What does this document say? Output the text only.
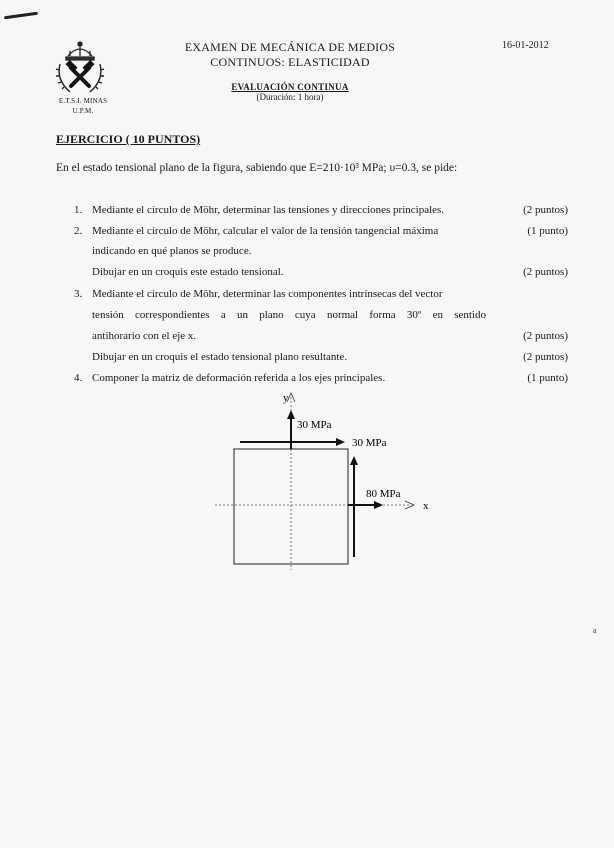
E.T.S.I. MINAS
U.P.M.
EXAMEN DE MECÁNICA DE MEDIOS
CONTINUOS: ELASTICIDAD
16-01-2012
EVALUACIÓN CONTINUA
(Duración: 1 hora)
EJERCICIO ( 10 PUNTOS)
En el estado tensional plano de la figura, sabiendo que E=210·10³ MPa; υ=0.3, se pide:
1. Mediante el círculo de Möhr, determinar las tensiones y direcciones principales.	(2 puntos)
2. Mediante el círculo de Möhr, calcular el valor de la tensión tangencial máxima	(1 punto)
indicando en qué planos se produce.
Dibujar en un croquis este estado tensional.	(2 puntos)
3. Mediante el círculo de Möhr, determinar las componentes intrínsecas del vector
tensión correspondientes a un plano cuya normal forma 30º en sentido
antihorario con el eje x.	(2 puntos)
Dibujar en un croquis el estado tensional plano resultante.	(2 puntos)
4. Componer la matriz de deformación referida a los ejes principales.	(1 punto)
y
x
30 MPa
30 MPa
80 MPa
a
